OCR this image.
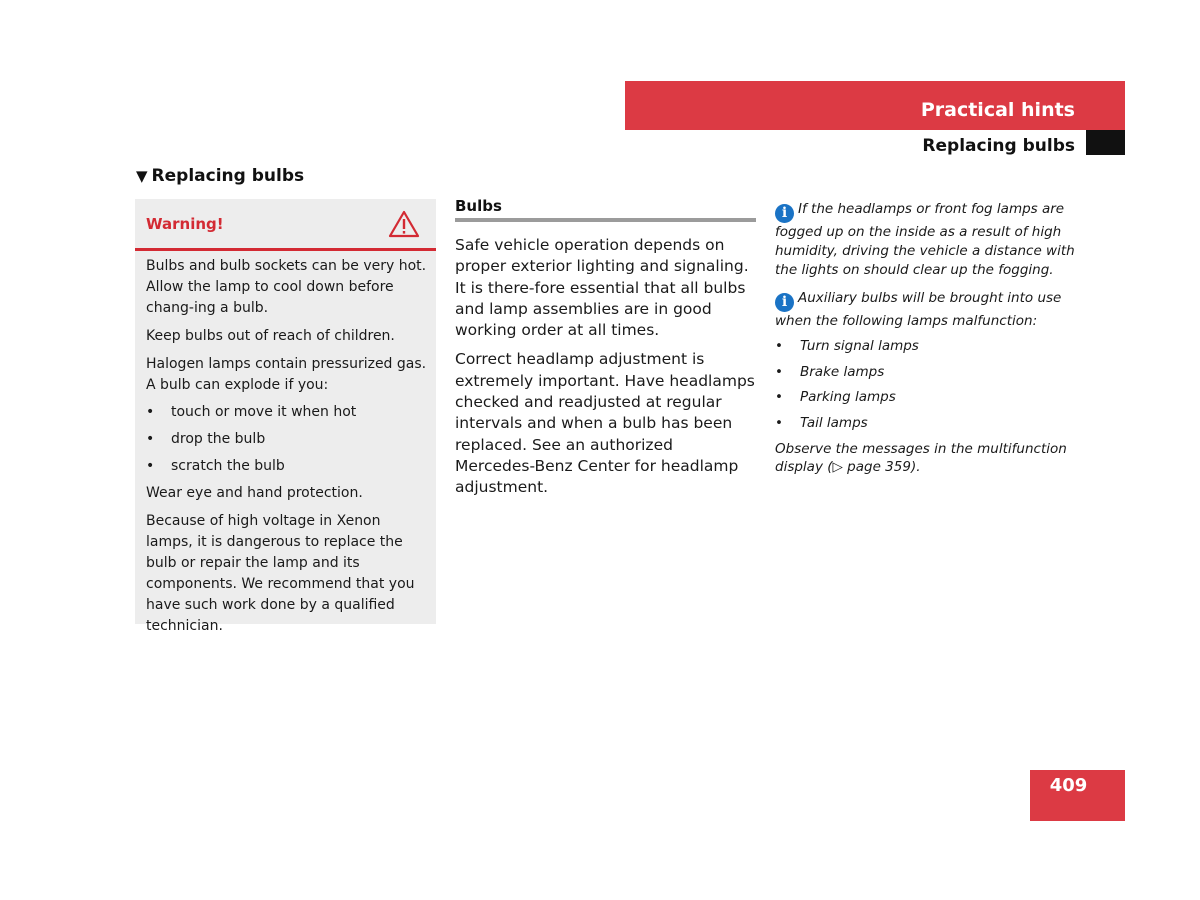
Practical hints
Replacing bulbs
▼ Replacing bulbs
Warning!

Bulbs and bulb sockets can be very hot. Allow the lamp to cool down before chang-ing a bulb.

Keep bulbs out of reach of children.

Halogen lamps contain pressurized gas.
A bulb can explode if you:

• touch or move it when hot
• drop the bulb
• scratch the bulb

Wear eye and hand protection.

Because of high voltage in Xenon lamps, it is dangerous to replace the bulb or repair the lamp and its components. We recommend that you have such work done by a qualified technician.

Bulbs

Safe vehicle operation depends on proper exterior lighting and signaling. It is there-fore essential that all bulbs and lamp assemblies are in good working order at all times.

Correct headlamp adjustment is extremely important. Have headlamps checked and readjusted at regular intervals and when a bulb has been replaced. See an authorized Mercedes-Benz Center for headlamp adjustment.

i If the headlamps or front fog lamps are fogged up on the inside as a result of high humidity, driving the vehicle a distance with the lights on should clear up the fogging.

i Auxiliary bulbs will be brought into use when the following lamps malfunction:

• Turn signal lamps
• Brake lamps
• Parking lamps
• Tail lamps

Observe the messages in the multifunction display (▷ page 359).

409
